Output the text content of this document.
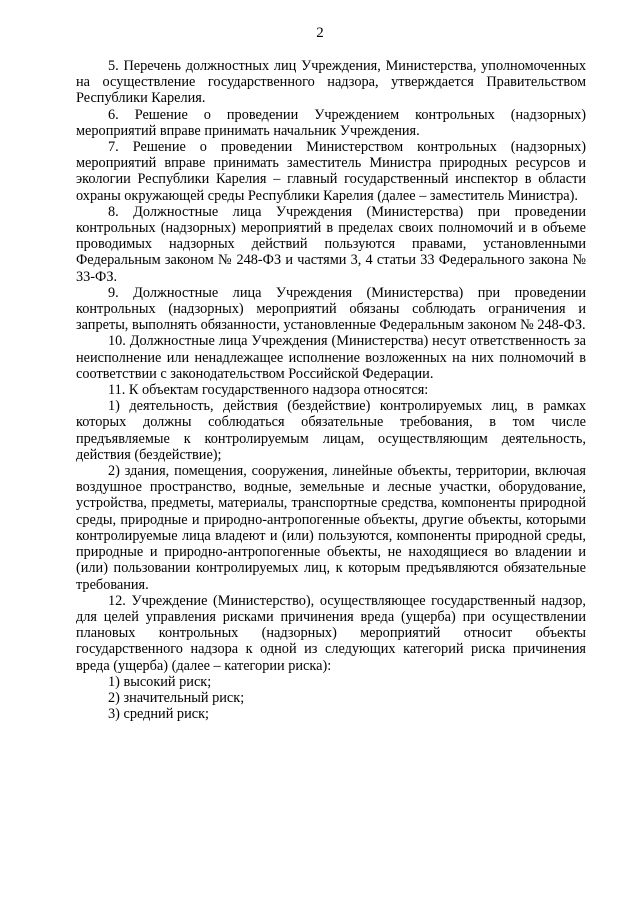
2

5. Перечень должностных лиц Учреждения, Министерства, уполномоченных на осуществление государственного надзора, утверждается Правительством Республики Карелия.

6. Решение о проведении Учреждением контрольных (надзорных) мероприятий вправе принимать начальник Учреждения.

7. Решение о проведении Министерством контрольных (надзорных) мероприятий вправе принимать заместитель Министра природных ресурсов и экологии Республики Карелия – главный государственный инспектор в области охраны окружающей среды Республики Карелия (далее – заместитель Министра).

8. Должностные лица Учреждения (Министерства) при проведении контрольных (надзорных) мероприятий в пределах своих полномочий и в объеме проводимых надзорных действий пользуются правами, установленными Федеральным законом № 248-ФЗ и частями 3, 4 статьи 33 Федерального закона № 33-ФЗ.

9. Должностные лица Учреждения (Министерства) при проведении контрольных (надзорных) мероприятий обязаны соблюдать ограничения и запреты, выполнять обязанности, установленные Федеральным законом № 248-ФЗ.

10. Должностные лица Учреждения (Министерства) несут ответственность за неисполнение или ненадлежащее исполнение возложенных на них полномочий в соответствии с законодательством Российской Федерации.

11. К объектам государственного надзора относятся:

1) деятельность, действия (бездействие) контролируемых лиц, в рамках которых должны соблюдаться обязательные требования, в том числе предъявляемые к контролируемым лицам, осуществляющим деятельность, действия (бездействие);

2) здания, помещения, сооружения, линейные объекты, территории, включая воздушное пространство, водные, земельные и лесные участки, оборудование, устройства, предметы, материалы, транспортные средства, компоненты природной среды, природные и природно-антропогенные объекты, другие объекты, которыми контролируемые лица владеют и (или) пользуются, компоненты природной среды, природные и природно-антропогенные объекты, не находящиеся во владении и (или) пользовании контролируемых лиц, к которым предъявляются обязательные требования.

12. Учреждение (Министерство), осуществляющее государственный надзор, для целей управления рисками причинения вреда (ущерба) при осуществлении плановых контрольных (надзорных) мероприятий относит объекты государственного надзора к одной из следующих категорий риска причинения вреда (ущерба) (далее – категории риска):

1) высокий риск;

2) значительный риск;

3) средний риск;
